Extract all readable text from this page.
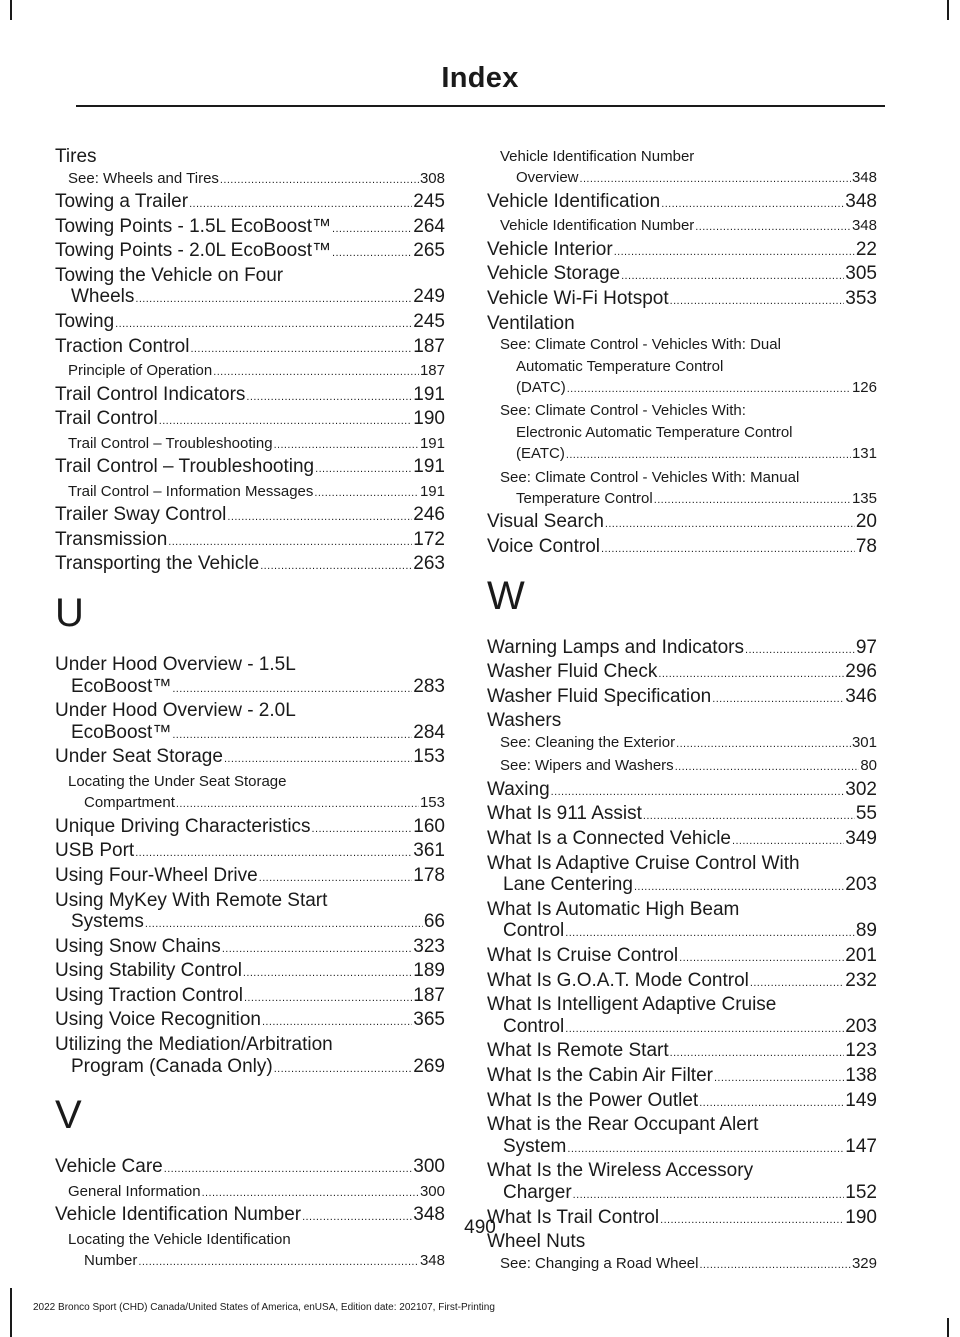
Index
Tires
See: Wheels and Tires .....	308
Towing a Trailer .....	245
Towing Points - 1.5L EcoBoost™ .....	264
Towing Points - 2.0L EcoBoost™ .....	265
Towing the Vehicle on Four
Wheels .....	249
Towing .....	245
Traction Control .....	187
Principle of Operation .....	187
Trail Control Indicators .....	191
Trail Control .....	190
Trail Control – Troubleshooting .....	191
Trail Control – Troubleshooting .....	191
Trail Control – Information Messages .....	191
Trailer Sway Control .....	246
Transmission .....	172
Transporting the Vehicle .....	263
U
Under Hood Overview - 1.5L
EcoBoost™ .....	283
Under Hood Overview - 2.0L
EcoBoost™ .....	284
Under Seat Storage .....	153
Locating the Under Seat Storage
Compartment .....	153
Unique Driving Characteristics .....	160
USB Port .....	361
Using Four-Wheel Drive .....	178
Using MyKey With Remote Start
Systems .....	66
Using Snow Chains .....	323
Using Stability Control .....	189
Using Traction Control .....	187
Using Voice Recognition .....	365
Utilizing the Mediation/Arbitration
Program (Canada Only) .....	269
V
Vehicle Care .....	300
General Information .....	300
Vehicle Identification Number .....	348
Locating the Vehicle Identification
Number .....	348
Vehicle Identification Number
Overview .....	348
Vehicle Identification .....	348
Vehicle Identification Number .....	348
Vehicle Interior .....	22
Vehicle Storage .....	305
Vehicle Wi-Fi Hotspot .....	353
Ventilation
See: Climate Control - Vehicles With: Dual
Automatic Temperature Control
(DATC) .....	126
See: Climate Control - Vehicles With:
Electronic Automatic Temperature Control
(EATC) .....	131
See: Climate Control - Vehicles With: Manual
Temperature Control .....	135
Visual Search .....	20
Voice Control .....	78
W
Warning Lamps and Indicators .....	97
Washer Fluid Check .....	296
Washer Fluid Specification .....	346
Washers
See: Cleaning the Exterior .....	301
See: Wipers and Washers .....	80
Waxing .....	302
What Is 911 Assist .....	55
What Is a Connected Vehicle .....	349
What Is Adaptive Cruise Control With
Lane Centering .....	203
What Is Automatic High Beam
Control .....	89
What Is Cruise Control .....	201
What Is G.O.A.T. Mode Control .....	232
What Is Intelligent Adaptive Cruise
Control .....	203
What Is Remote Start .....	123
What Is the Cabin Air Filter .....	138
What Is the Power Outlet .....	149
What is the Rear Occupant Alert
System .....	147
What Is the Wireless Accessory
Charger .....	152
What Is Trail Control .....	190
Wheel Nuts
See: Changing a Road Wheel .....	329
490
2022 Bronco Sport (CHD) Canada/United States of America, enUSA, Edition date: 202107, First-Printing
